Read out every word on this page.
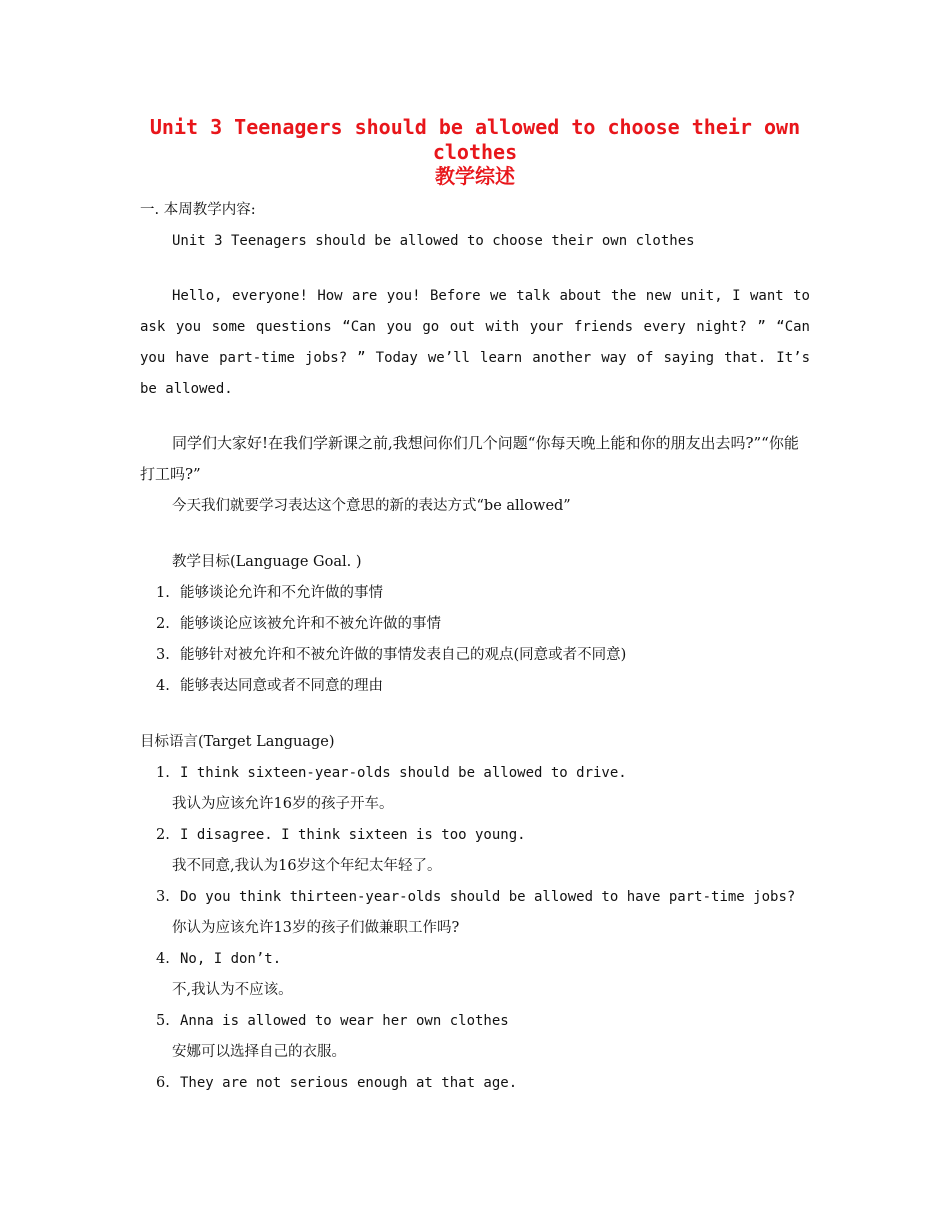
Unit 3 Teenagers should be allowed to choose their own
clothes
教学综述
一. 本周教学内容:
Unit 3 Teenagers should be allowed to choose their own clothes
Hello, everyone! How are you! Before we talk about the new unit, I want to ask you some questions “Can you go out with your friends every night? ” “Can you have part-time jobs? ” Today we’ll learn another way of saying that. It’s be allowed.
同学们大家好!在我们学新课之前,我想问你们几个问题“你每天晚上能和你的朋友出去吗?”“你能打工吗?”
今天我们就要学习表达这个意思的新的表达方式“be allowed”
教学目标(Language Goal. )
1. 能够谈论允许和不允许做的事情
2. 能够谈论应该被允许和不被允许做的事情
3. 能够针对被允许和不被允许做的事情发表自己的观点(同意或者不同意)
4. 能够表达同意或者不同意的理由
目标语言(Target Language)
1. I think sixteen-year-olds should be allowed to drive.
我认为应该允许16岁的孩子开车。
2. I disagree. I think sixteen is too young.
我不同意,我认为16岁这个年纪太年轻了。
3. Do you think thirteen-year-olds should be allowed to have part-time jobs?
你认为应该允许13岁的孩子们做兼职工作吗?
4. No, I don’t.
不,我认为不应该。
5. Anna is allowed to wear her own clothes
安娜可以选择自己的衣服。
6. They are not serious enough at that age.
